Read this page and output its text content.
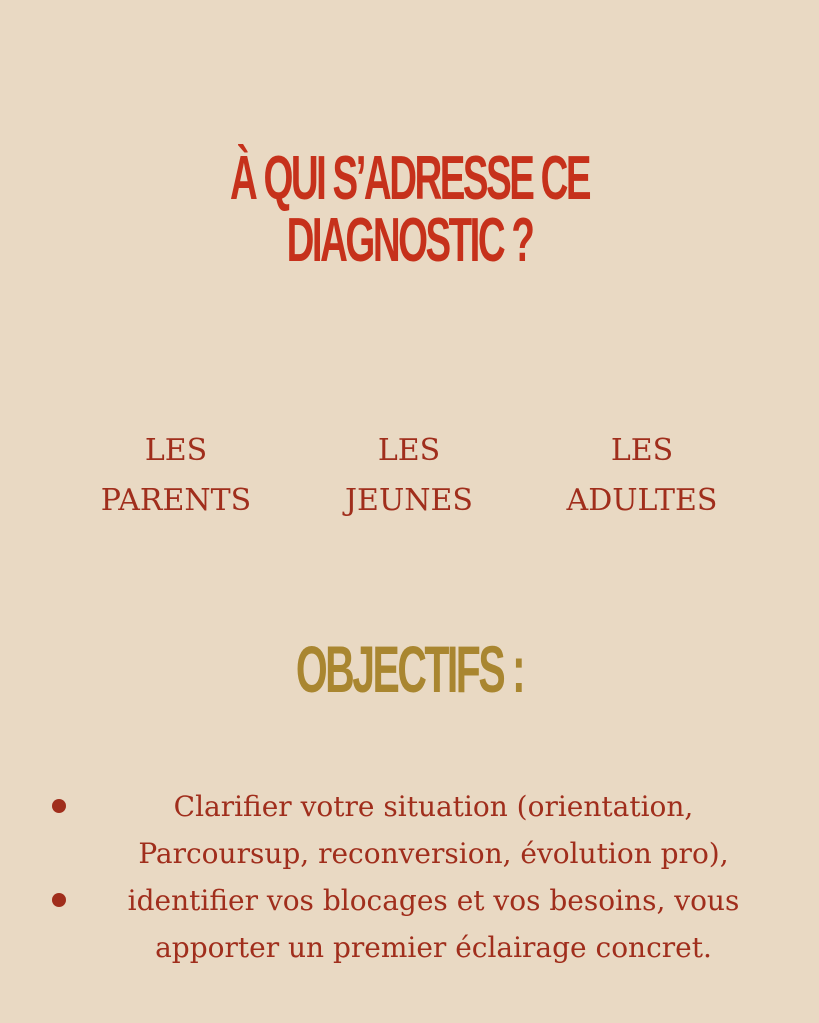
À QUI S’ADRESSE CE
DIAGNOSTIC ?
LES
PARENTS
LES
JEUNES
LES
ADULTES
OBJECTIFS :
Clarifier votre situation (orientation,
Parcoursup, reconversion, évolution pro),
identifier vos blocages et vos besoins, vous
apporter un premier éclairage concret.
